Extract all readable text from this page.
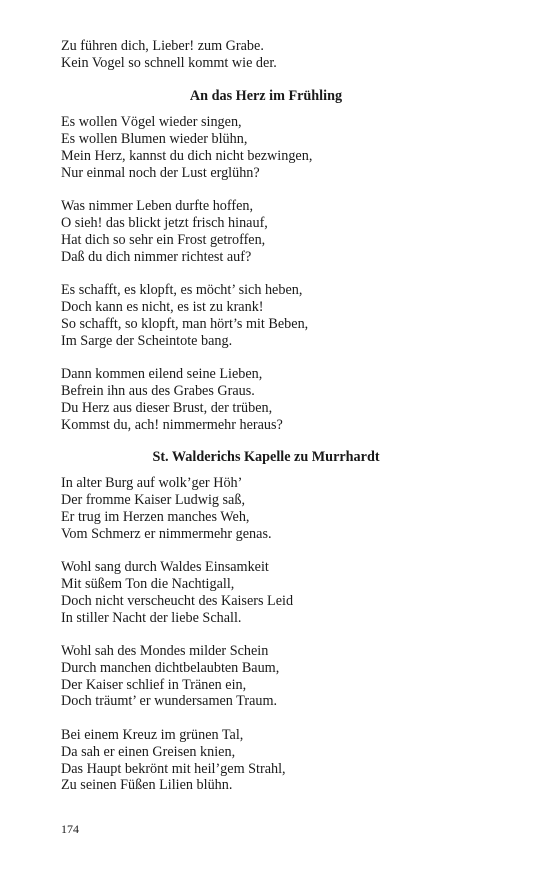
Zu führen dich, Lieber! zum Grabe.
Kein Vogel so schnell kommt wie der.
An das Herz im Frühling
Es wollen Vögel wieder singen,
Es wollen Blumen wieder blühn,
Mein Herz, kannst du dich nicht bezwingen,
Nur einmal noch der Lust erglühn?
Was nimmer Leben durfte hoffen,
O sieh! das blickt jetzt frisch hinauf,
Hat dich so sehr ein Frost getroffen,
Daß du dich nimmer richtest auf?
Es schafft, es klopft, es möcht’ sich heben,
Doch kann es nicht, es ist zu krank!
So schafft, so klopft, man hört’s mit Beben,
Im Sarge der Scheintote bang.
Dann kommen eilend seine Lieben,
Befrein ihn aus des Grabes Graus.
Du Herz aus dieser Brust, der trüben,
Kommst du, ach! nimmermehr heraus?
St. Walderichs Kapelle zu Murrhardt
In alter Burg auf wolk’ger Höh’
Der fromme Kaiser Ludwig saß,
Er trug im Herzen manches Weh,
Vom Schmerz er nimmermehr genas.
Wohl sang durch Waldes Einsamkeit
Mit süßem Ton die Nachtigall,
Doch nicht verscheucht des Kaisers Leid
In stiller Nacht der liebe Schall.
Wohl sah des Mondes milder Schein
Durch manchen dichtbelaubten Baum,
Der Kaiser schlief in Tränen ein,
Doch träumt’ er wundersamen Traum.
Bei einem Kreuz im grünen Tal,
Da sah er einen Greisen knien,
Das Haupt bekrönt mit heil’gem Strahl,
Zu seinen Füßen Lilien blühn.
174
